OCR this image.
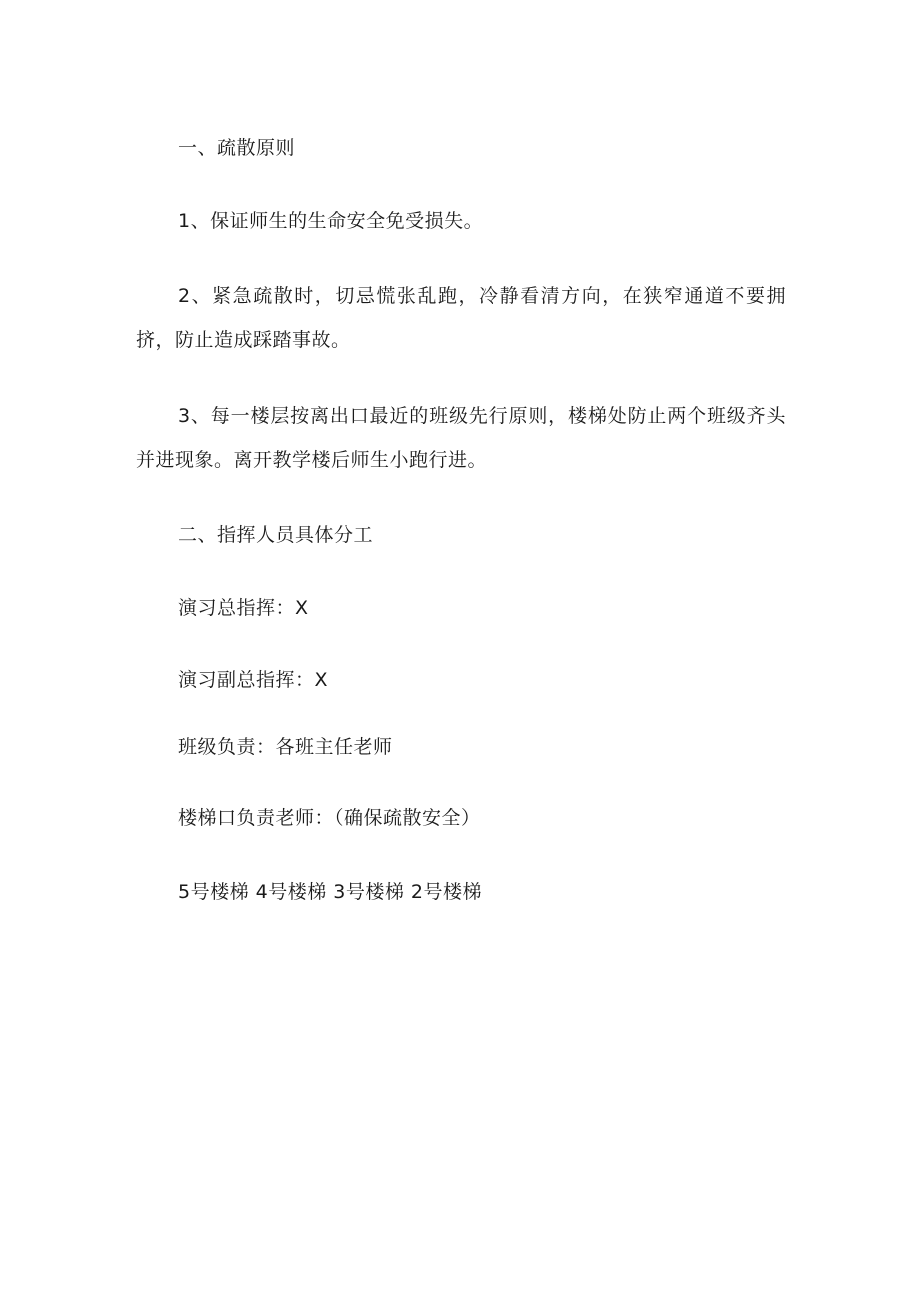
一、疏散原则
1、保证师生的生命安全免受损失。
2、紧急疏散时，切忌慌张乱跑，冷静看清方向，在狭窄通道不要拥挤，防止造成踩踏事故。
3、每一楼层按离出口最近的班级先行原则，楼梯处防止两个班级齐头并进现象。离开教学楼后师生小跑行进。
二、指挥人员具体分工
演习总指挥：X
演习副总指挥：X
班级负责：各班主任老师
楼梯口负责老师：（确保疏散安全）
5号楼梯 4号楼梯 3号楼梯 2号楼梯
